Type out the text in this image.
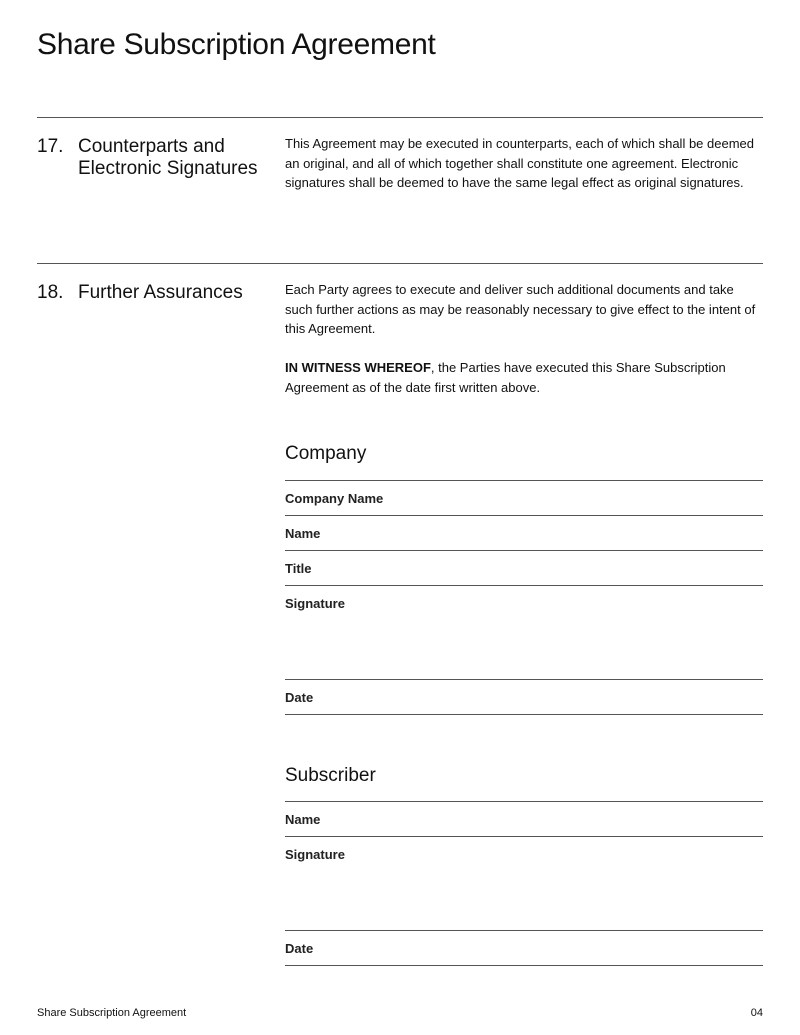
Share Subscription Agreement
17. Counterparts and Electronic Signatures

This Agreement may be executed in counterparts, each of which shall be deemed an original, and all of which together shall constitute one agreement. Electronic signatures shall be deemed to have the same legal effect as original signatures.

18. Further Assurances	Each Party agrees to execute and deliver such additional documents and take such further actions as may be reasonably necessary to give effect to the intent of this Agreement.

IN WITNESS WHEREOF, the Parties have executed this Share Subscription Agreement as of the date first written above.

Company
Company Name
Name
Title
Signature
Date
Subscriber
Name
Signature
Date
Share Subscription Agreement	04
